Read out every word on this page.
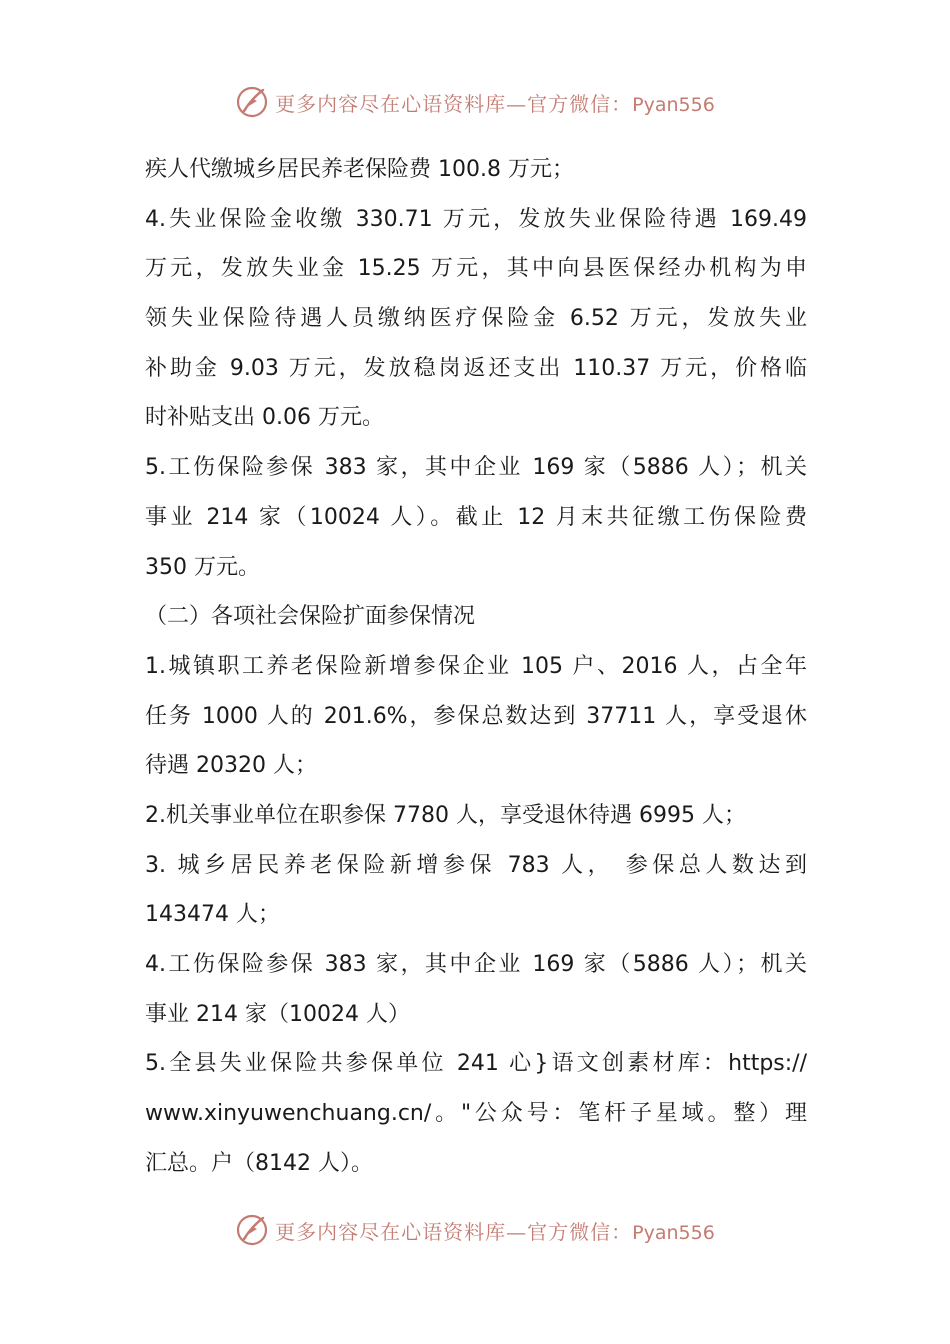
更多内容尽在心语资料库—官方微信：Pyan556
疾人代缴城乡居民养老保险费 100.8 万元；
4.失业保险金收缴 330.71 万元，发放失业保险待遇 169.49
万元，发放失业金 15.25 万元，其中向县医保经办机构为申
领失业保险待遇人员缴纳医疗保险金 6.52 万元，发放失业
补助金 9.03 万元，发放稳岗返还支出 110.37 万元，价格临
时补贴支出 0.06 万元。
5.工伤保险参保 383 家，其中企业 169 家（5886 人）；机关
事业 214 家（10024 人）。截止 12 月末共征缴工伤保险费
350 万元。
（二）各项社会保险扩面参保情况
1.城镇职工养老保险新增参保企业 105 户、2016 人，占全年
任务 1000 人的 201.6%，参保总数达到 37711 人，享受退休
待遇 20320 人；
2.机关事业单位在职参保 7780 人，享受退休待遇 6995 人；
3. 城乡居民养老保险新增参保 783 人， 参保总人数达到
143474 人；
4.工伤保险参保 383 家，其中企业 169 家（5886 人）；机关
事业 214 家（10024 人）
5.全县失业保险共参保单位 241 心}语文创素材库：https://
www.xinyuwenchuang.cn/。"公众号：笔杆子星域。整）理
汇总。户（8142 人）。
更多内容尽在心语资料库—官方微信：Pyan556
